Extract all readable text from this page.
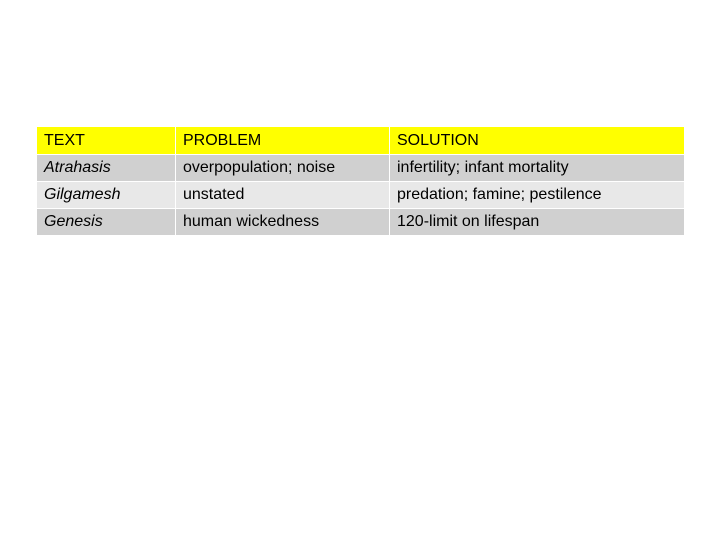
TEXT	PROBLEM	SOLUTION
Atrahasis	overpopulation; noise	infertility; infant mortality
Gilgamesh	unstated	predation; famine; pestilence
Genesis	human wickedness	120-limit on lifespan
